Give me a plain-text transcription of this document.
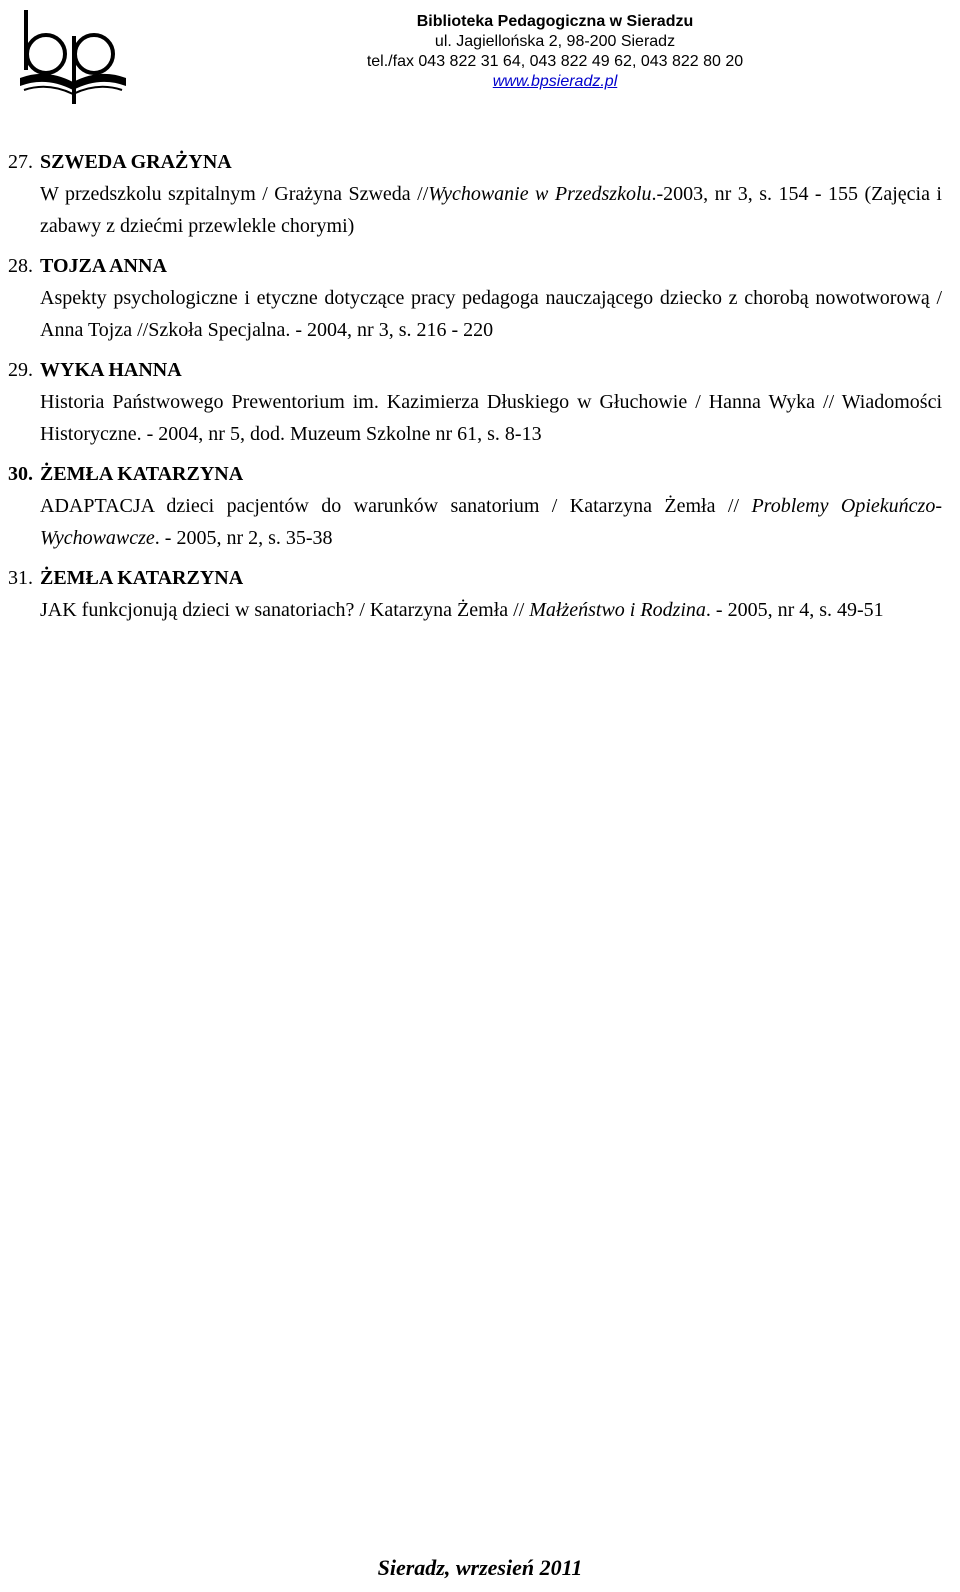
Biblioteka Pedagogiczna w Sieradzu
ul. Jagiellońska 2, 98-200 Sieradz
tel./fax 043 822 31 64, 043 822 49 62, 043 822 80 20
www.bpsieradz.pl
27. SZWEDA GRAŻYNA
W przedszkolu szpitalnym / Grażyna Szweda //Wychowanie w Przedszkolu.-2003, nr 3, s. 154 - 155 (Zajęcia i zabawy z dziećmi przewlekle chorymi)
28. TOJZA ANNA
Aspekty psychologiczne i etyczne dotyczące pracy pedagoga nauczającego dziecko z chorobą nowotworową / Anna Tojza //Szkoła Specjalna. - 2004, nr 3, s. 216 - 220
29. WYKA HANNA
Historia Państwowego Prewentorium im. Kazimierza Dłuskiego w Głuchowie / Hanna Wyka // Wiadomości Historyczne. - 2004, nr 5, dod. Muzeum Szkolne nr 61, s. 8-13
30. ŻEMŁA KATARZYNA
ADAPTACJA dzieci pacjentów do warunków sanatorium / Katarzyna Żemła // Problemy Opiekuńczo-Wychowawcze. - 2005, nr 2, s. 35-38
31. ŻEMŁA KATARZYNA
JAK funkcjonują dzieci w sanatoriach? / Katarzyna Żemła // Małżeństwo i Rodzina. - 2005, nr 4, s. 49-51
Sieradz, wrzesień 2011
